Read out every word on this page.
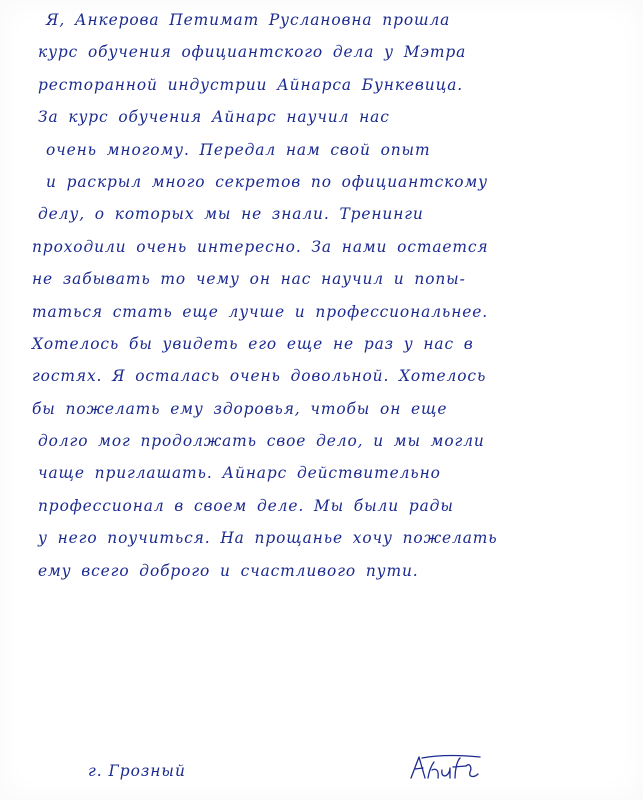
Я, Анкерова Петимат Руслановна прошла
курс обучения официантского дела у Мэтра
ресторанной индустрии Айнарса Бункевица.
За курс обучения Айнарс научил нас
очень многому. Передал нам свой опыт
и раскрыл много секретов по официантскому
делу, о которых мы не знали. Тренинги
проходили очень интересно. За нами остается
не забывать то чему он нас научил и попы-
таться стать еще лучше и профессиональнее.
Хотелось бы увидеть его еще не раз у нас в
гостях. Я осталась очень довольной. Хотелось
бы пожелать ему здоровья, чтобы он еще
долго мог продолжать свое дело, и мы могли
чаще приглашать. Айнарс действительно
профессионал в своем деле. Мы были рады
у него поучиться. На прощанье хочу пожелать
ему всего доброго и счастливого пути.
г. Грозный
